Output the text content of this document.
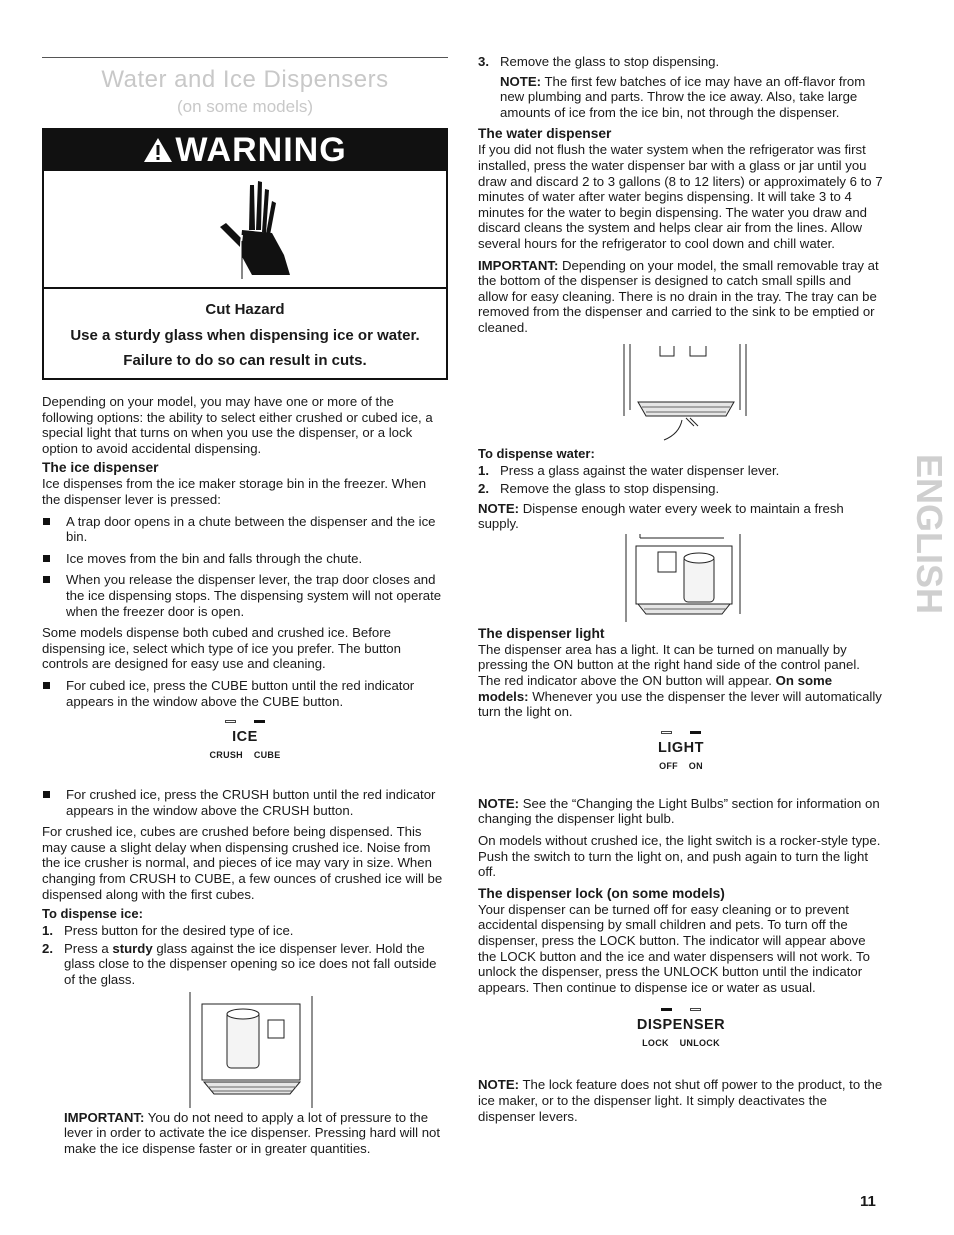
Water and Ice Dispensers
(on some models)
WARNING
Cut Hazard
Use a sturdy glass when dispensing ice or water.
Failure to do so can result in cuts.

Depending on your model, you may have one or more of the following options: the ability to select either crushed or cubed ice, a special light that turns on when you use the dispenser, or a lock option to avoid accidental dispensing.

The ice dispenser

Ice dispenses from the ice maker storage bin in the freezer. When the dispenser lever is pressed:

A trap door opens in a chute between the dispenser and the ice bin.

Ice moves from the bin and falls through the chute.

When you release the dispenser lever, the trap door closes and the ice dispensing stops. The dispensing system will not operate when the freezer door is open.

Some models dispense both cubed and crushed ice. Before dispensing ice, select which type of ice you prefer. The button controls are designed for easy use and cleaning.

For cubed ice, press the CUBE button until the red indicator appears in the window above the CUBE button.

ICE
CRUSH CUBE

For crushed ice, press the CRUSH button until the red indicator appears in the window above the CRUSH button.

For crushed ice, cubes are crushed before being dispensed. This may cause a slight delay when dispensing crushed ice. Noise from the ice crusher is normal, and pieces of ice may vary in size. When changing from CRUSH to CUBE, a few ounces of crushed ice will be dispensed along with the first cubes.

To dispense ice:

1. Press button for the desired type of ice.

2. Press a sturdy glass against the ice dispenser lever. Hold the glass close to the dispenser opening so ice does not fall outside of the glass.

IMPORTANT: You do not need to apply a lot of pressure to the lever in order to activate the ice dispenser. Pressing hard will not make the ice dispense faster or in greater quantities.

3. Remove the glass to stop dispensing.

NOTE: The first few batches of ice may have an off-flavor from new plumbing and parts. Throw the ice away. Also, take large amounts of ice from the ice bin, not through the dispenser.

The water dispenser

If you did not flush the water system when the refrigerator was first installed, press the water dispenser bar with a glass or jar until you draw and discard 2 to 3 gallons (8 to 12 liters) or approximately 6 to 7 minutes of water after water begins dispensing. It will take 3 to 4 minutes for the water to begin dispensing. The water you draw and discard cleans the system and helps clear air from the lines. Allow several hours for the refrigerator to cool down and chill water.

IMPORTANT: Depending on your model, the small removable tray at the bottom of the dispenser is designed to catch small spills and allow for easy cleaning. There is no drain in the tray. The tray can be removed from the dispenser and carried to the sink to be emptied or cleaned.

To dispense water:

1. Press a glass against the water dispenser lever.

2. Remove the glass to stop dispensing.

NOTE: Dispense enough water every week to maintain a fresh supply.

The dispenser light

The dispenser area has a light. It can be turned on manually by pressing the ON button at the right hand side of the control panel. The red indicator above the ON button will appear. On some models: Whenever you use the dispenser the lever will automatically turn the light on.

LIGHT
OFF ON

NOTE: See the “Changing the Light Bulbs” section for information on changing the dispenser light bulb.

On models without crushed ice, the light switch is a rocker-style type. Push the switch to turn the light on, and push again to turn the light off.

The dispenser lock (on some models)

Your dispenser can be turned off for easy cleaning or to prevent accidental dispensing by small children and pets. To turn off the dispenser, press the LOCK button. The indicator will appear above the LOCK button and the ice and water dispensers will not work. To unlock the dispenser, press the UNLOCK button until the indicator appears. Then continue to dispense ice or water as usual.

DISPENSER
LOCK UNLOCK

NOTE: The lock feature does not shut off power to the product, to the ice maker, or to the dispenser light. It simply deactivates the dispenser levers.

ENGLISH
11
